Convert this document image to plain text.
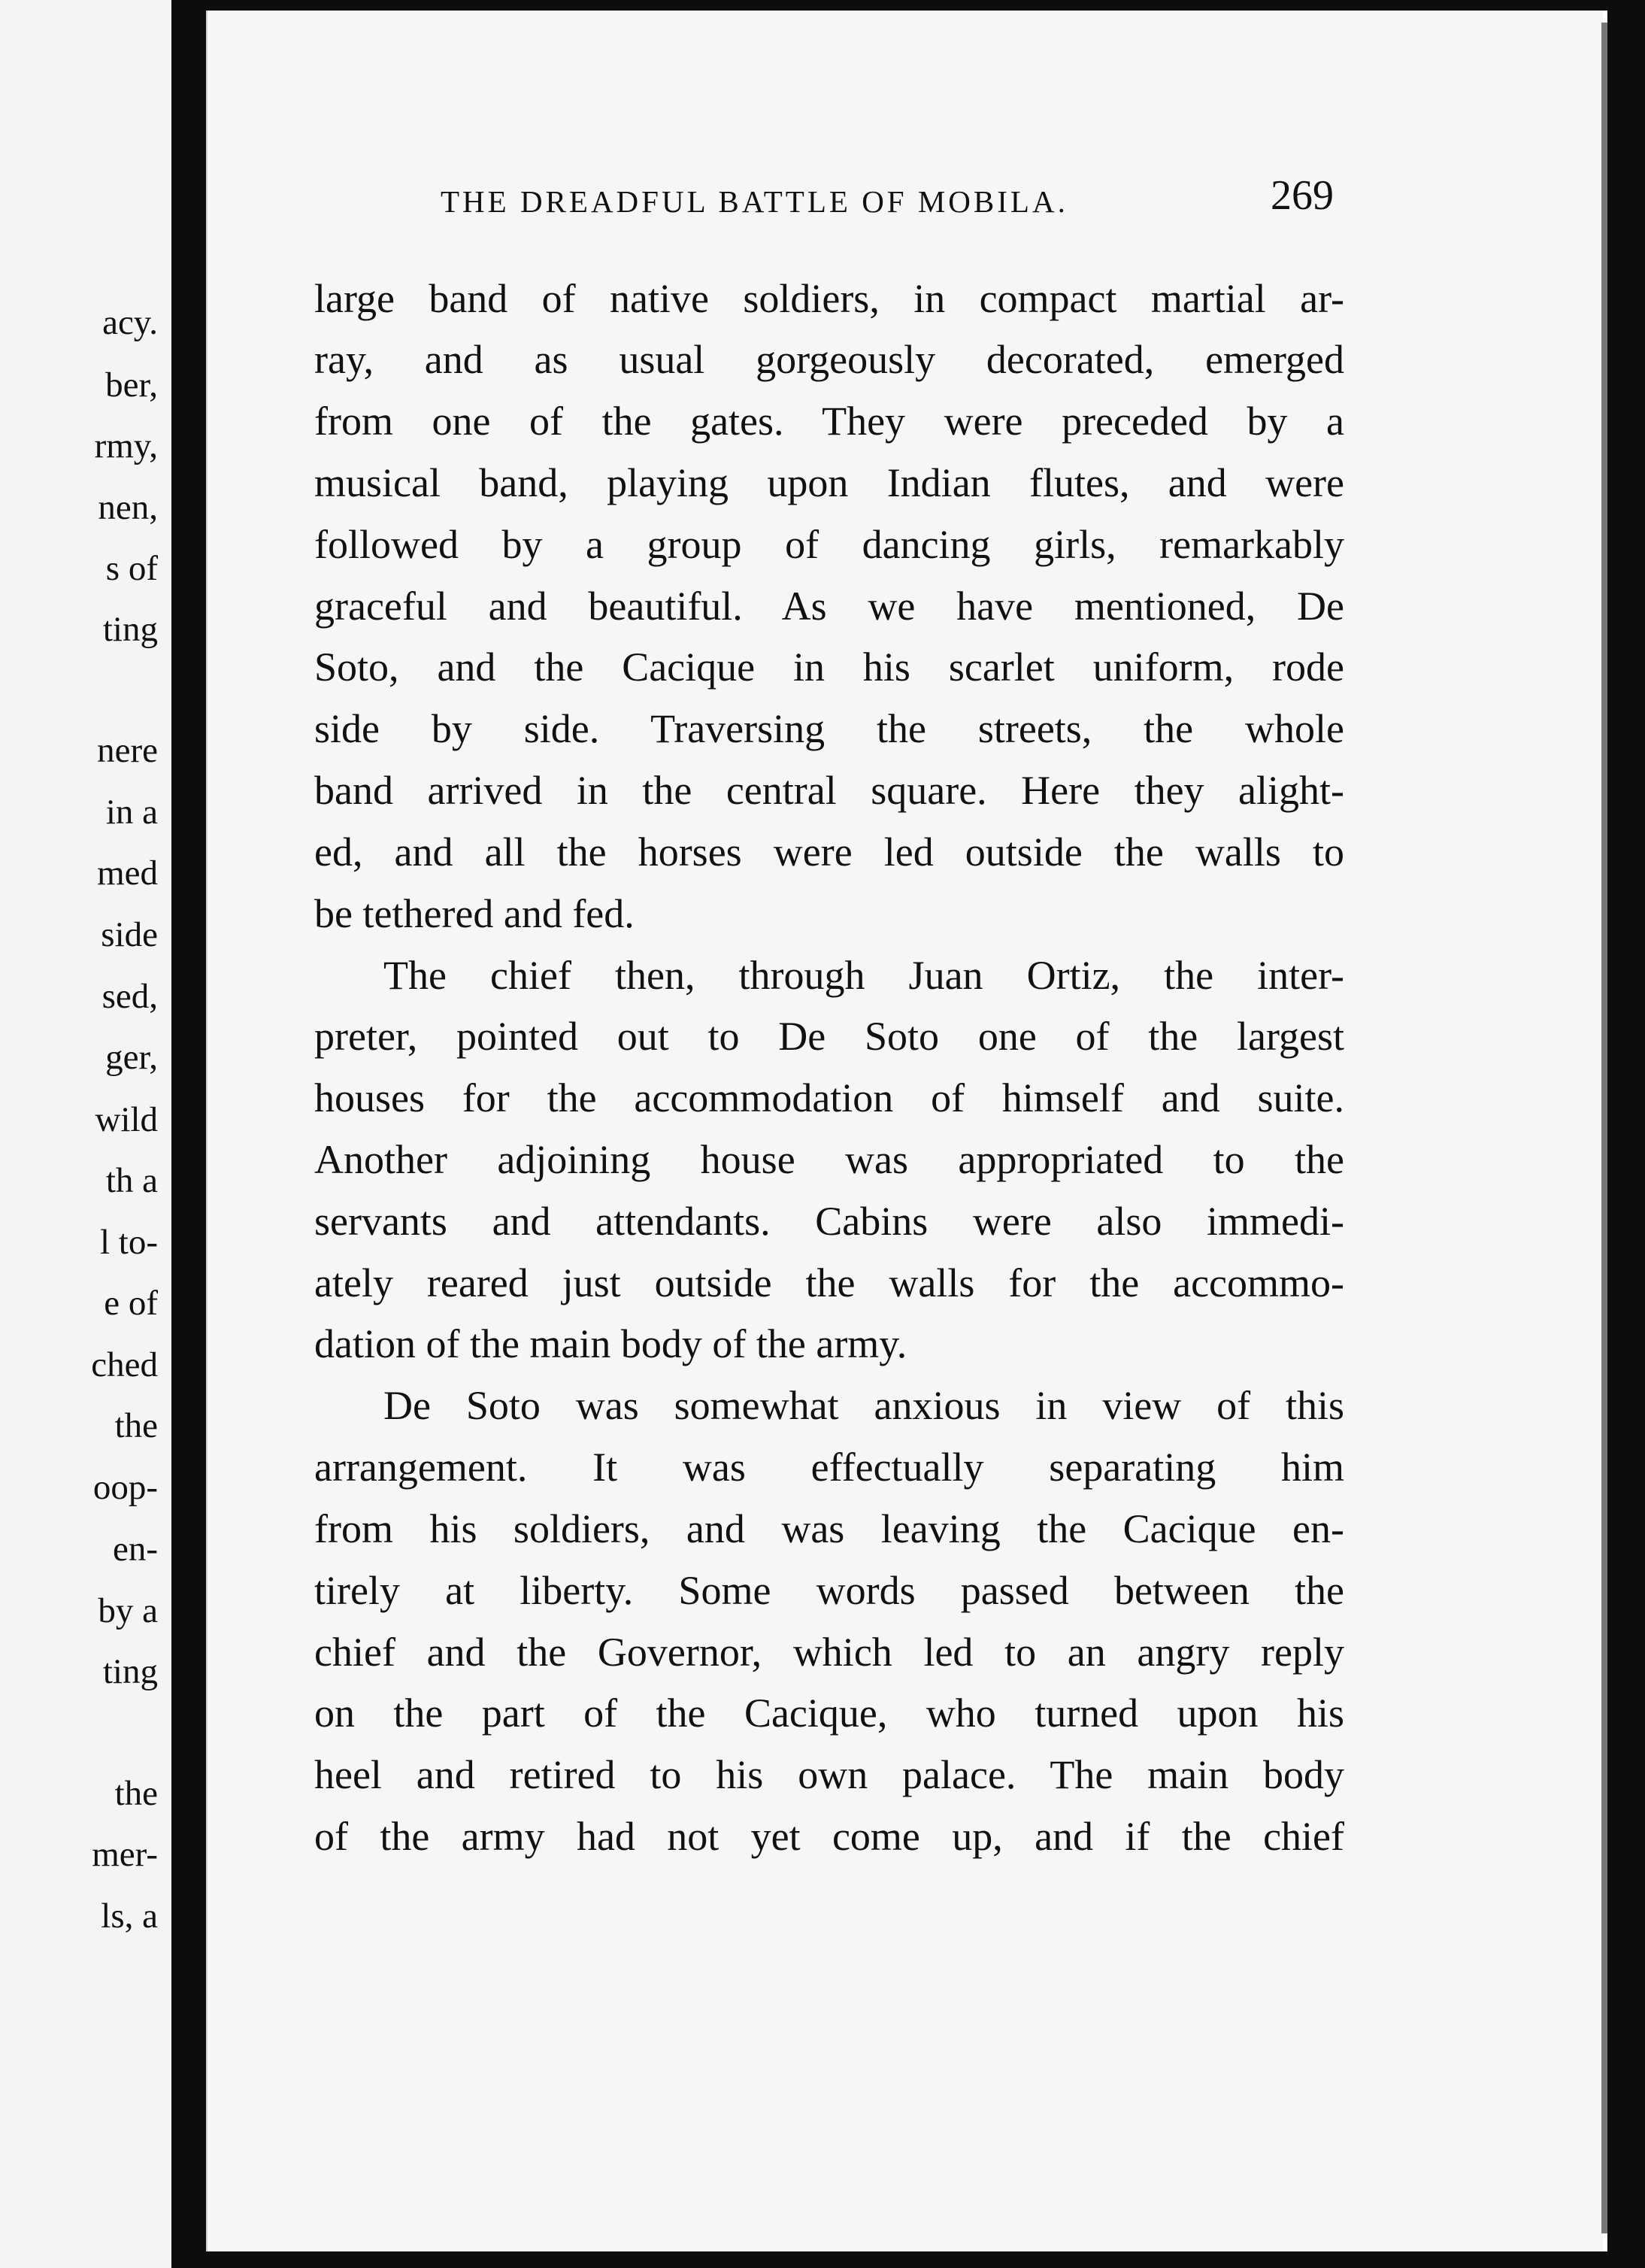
acy.
ber,
rmy,
nen,
s of
ting
nere
in a
med
side
sed,
ger,
wild
th a
l to-
e of
ched
the
oop-
en-
by a
ting
the
mer-
ls, a
THE DREADFUL BATTLE OF MOBILA.	269
large band of native soldiers, in compact martial ar-
ray, and as usual gorgeously decorated, emerged
from one of the gates. They were preceded by a
musical band, playing upon Indian flutes, and were
followed by a group of dancing girls, remarkably
graceful and beautiful. As we have mentioned, De
Soto, and the Cacique in his scarlet uniform, rode
side by side. Traversing the streets, the whole
band arrived in the central square. Here they alight-
ed, and all the horses were led outside the walls to
be tethered and fed.
The chief then, through Juan Ortiz, the inter-
preter, pointed out to De Soto one of the largest
houses for the accommodation of himself and suite.
Another adjoining house was appropriated to the
servants and attendants. Cabins were also immedi-
ately reared just outside the walls for the accommo-
dation of the main body of the army.
De Soto was somewhat anxious in view of this
arrangement. It was effectually separating him
from his soldiers, and was leaving the Cacique en-
tirely at liberty. Some words passed between the
chief and the Governor, which led to an angry reply
on the part of the Cacique, who turned upon his
heel and retired to his own palace. The main body
of the army had not yet come up, and if the chief
